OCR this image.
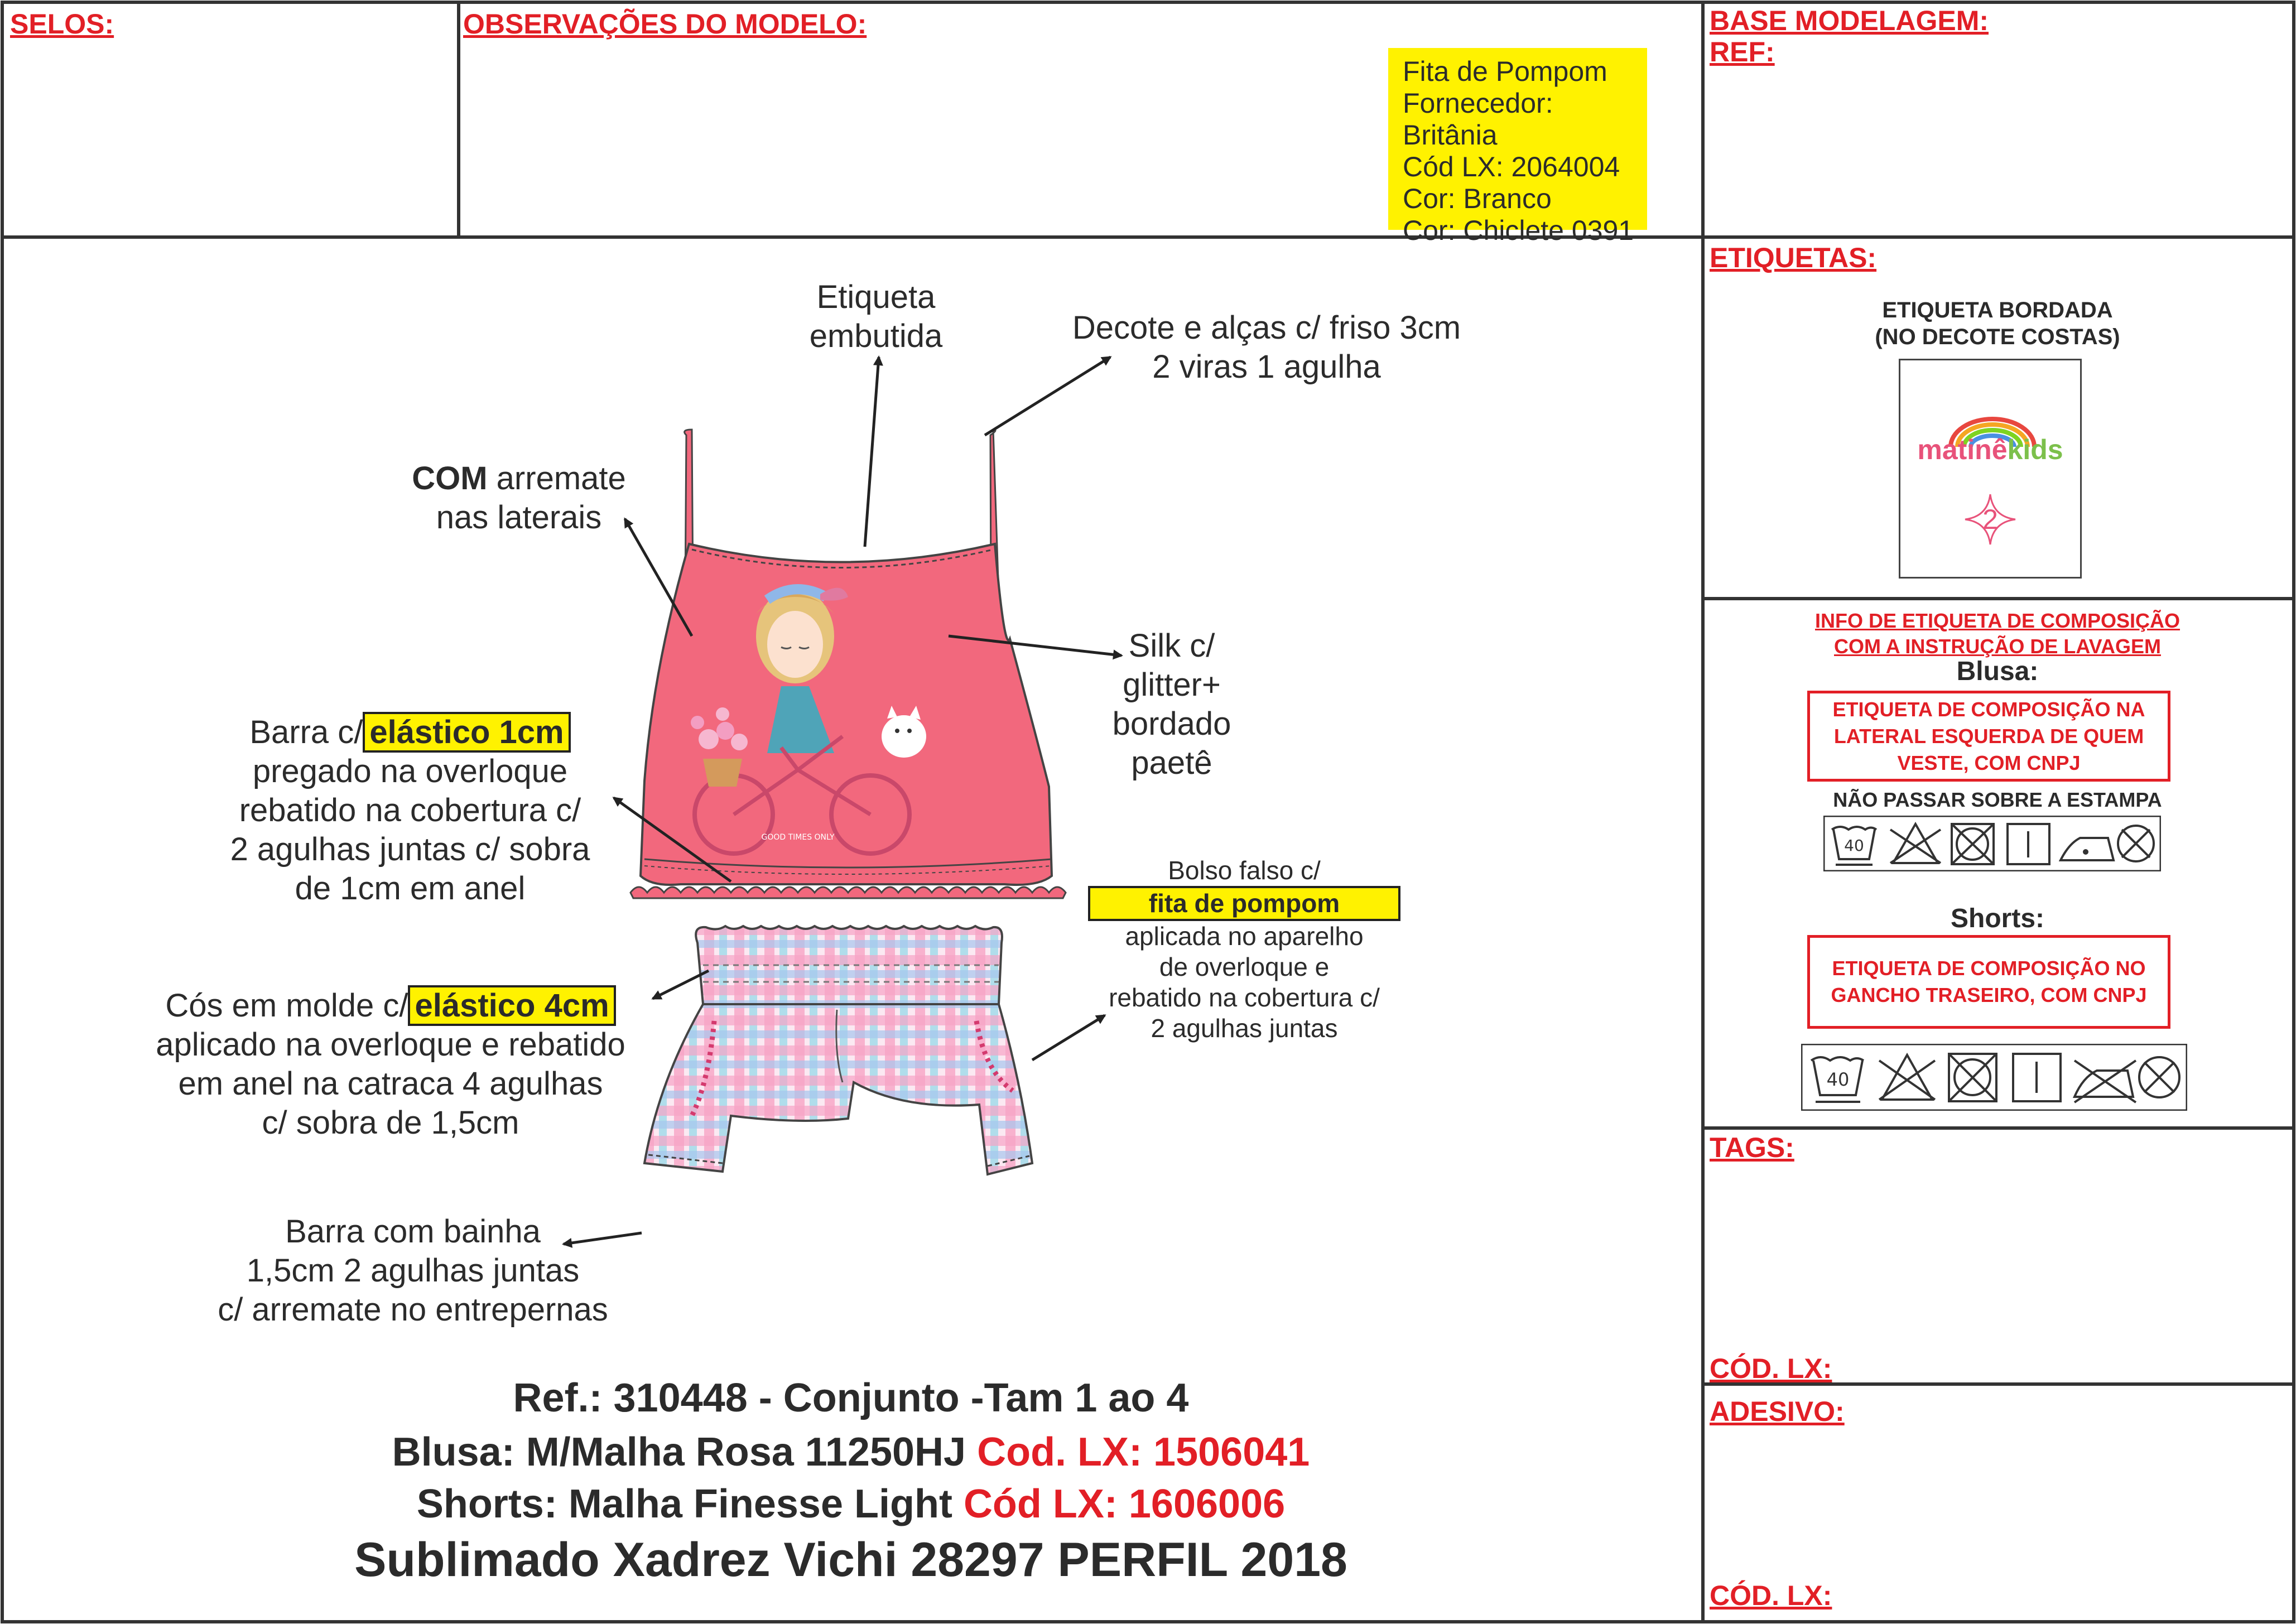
SELOS:	OBSERVAÇÕES DO MODELO:	BASE MODELAGEM:
REF:
Fita de Pompom
Fornecedor: Britânia
Cód LX: 2064004
Cor: Branco
Cor: Chiclete 0391
GOOD TIMES ONLY
Etiqueta
embutida	Decote e alças c/ friso 3cm
2 viras 1 agulha
COM arremate
nas laterais
Silk c/
glitter+
bordado
paetê
Barra c/ elástico 1cm
pregado na overloque
rebatido na cobertura c/
2 agulhas juntas c/ sobra
de 1cm em anel	Bolso falso c/
fita de pompom
aplicada no aparelho
de overloque e
rebatido na cobertura c/
2 agulhas juntas
Cós em molde c/ elástico 4cm
aplicado na overloque e rebatido
em anel na catraca 4 agulhas
c/ sobra de 1,5cm
Barra com bainha
1,5cm 2 agulhas juntas
c/ arremate no entrepernas
Ref.: 310448 - Conjunto -Tam 1 ao 4
Blusa: M/Malha Rosa 11250HJ Cod. LX: 1506041
Shorts: Malha Finesse Light Cód LX: 1606006
Sublimado Xadrez Vichi 28297 PERFIL 2018
ETIQUETAS:
ETIQUETA BORDADA
(NO DECOTE COSTAS)
matinêkids
2
INFO DE ETIQUETA DE COMPOSIÇÃO
COM A INSTRUÇÃO DE LAVAGEM
Blusa:
ETIQUETA DE COMPOSIÇÃO NA
LATERAL ESQUERDA DE QUEM
VESTE, COM CNPJ
NÃO PASSAR SOBRE A ESTAMPA
40
Shorts:
ETIQUETA DE COMPOSIÇÃO NO
GANCHO TRASEIRO, COM CNPJ
40
TAGS:
CÓD. LX:
ADESIVO:
CÓD. LX:
